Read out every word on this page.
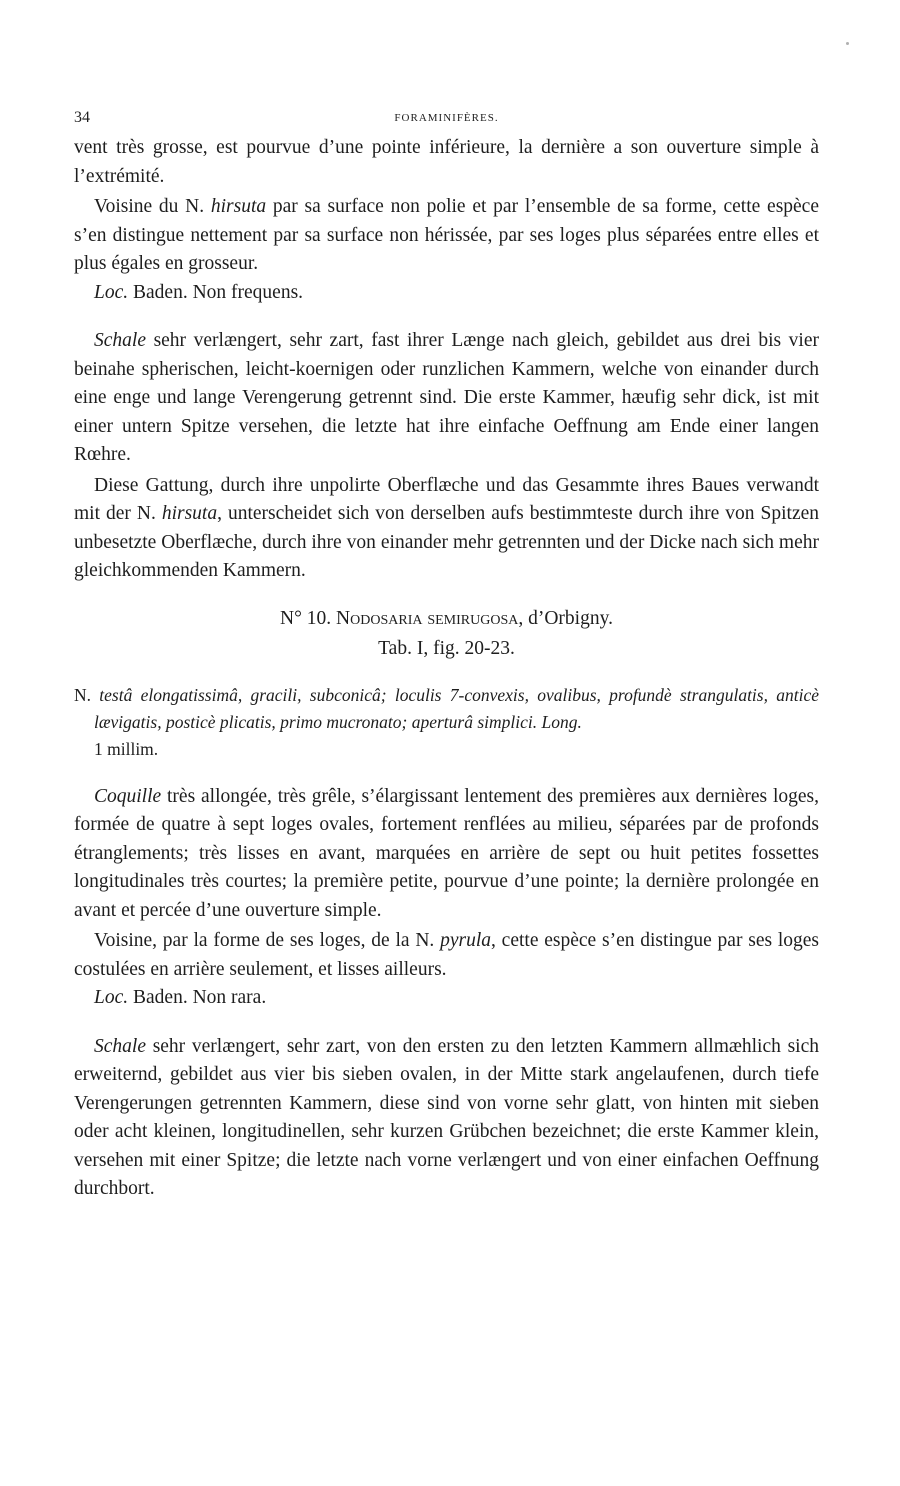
34	FORAMINIFÈRES.

vent très grosse, est pourvue d’une pointe inférieure, la dernière a son ouverture simple à l’extrémité.

Voisine du N. hirsuta par sa surface non polie et par l’ensemble de sa forme, cette espèce s’en distingue nettement par sa surface non hérissée, par ses loges plus séparées entre elles et plus égales en grosseur.

Loc. Baden. Non frequens.

Schale sehr verlængert, sehr zart, fast ihrer Længe nach gleich, gebildet aus drei bis vier beinahe spherischen, leicht-koernigen oder runzlichen Kammern, welche von einander durch eine enge und lange Verengerung getrennt sind. Die erste Kammer, hæufig sehr dick, ist mit einer untern Spitze versehen, die letzte hat ihre einfache Oeffnung am Ende einer langen Rœhre.

Diese Gattung, durch ihre unpolirte Oberflæche und das Gesammte ihres Baues verwandt mit der N. hirsuta, unterscheidet sich von derselben aufs bestimmteste durch ihre von Spitzen unbesetzte Oberflæche, durch ihre von einander mehr getrennten und der Dicke nach sich mehr gleichkommenden Kammern.

N° 10. Nodosaria semirugosa, d’Orbigny.
Tab. I, fig. 20-23.

N. testâ elongatissimâ, gracili, subconicâ; loculis 7-convexis, ovalibus, profundè strangulatis, anticè lævigatis, posticè plicatis, primo mucronato; aperturâ simplici. Long.
1 millim.

Coquille très allongée, très grêle, s’élargissant lentement des premières aux dernières loges, formée de quatre à sept loges ovales, fortement renflées au milieu, séparées par de profonds étranglements; très lisses en avant, marquées en arrière de sept ou huit petites fossettes longitudinales très courtes; la première petite, pourvue d’une pointe; la dernière prolongée en avant et percée d’une ouverture simple.

Voisine, par la forme de ses loges, de la N. pyrula, cette espèce s’en distingue par ses loges costulées en arrière seulement, et lisses ailleurs.

Loc. Baden. Non rara.

Schale sehr verlængert, sehr zart, von den ersten zu den letzten Kammern allmæhlich sich erweiternd, gebildet aus vier bis sieben ovalen, in der Mitte stark angelaufenen, durch tiefe Verengerungen getrennten Kammern, diese sind von vorne sehr glatt, von hinten mit sieben oder acht kleinen, longitudinellen, sehr kurzen Grübchen bezeichnet; die erste Kammer klein, versehen mit einer Spitze; die letzte nach vorne verlængert und von einer einfachen Oeffnung durchbort.
